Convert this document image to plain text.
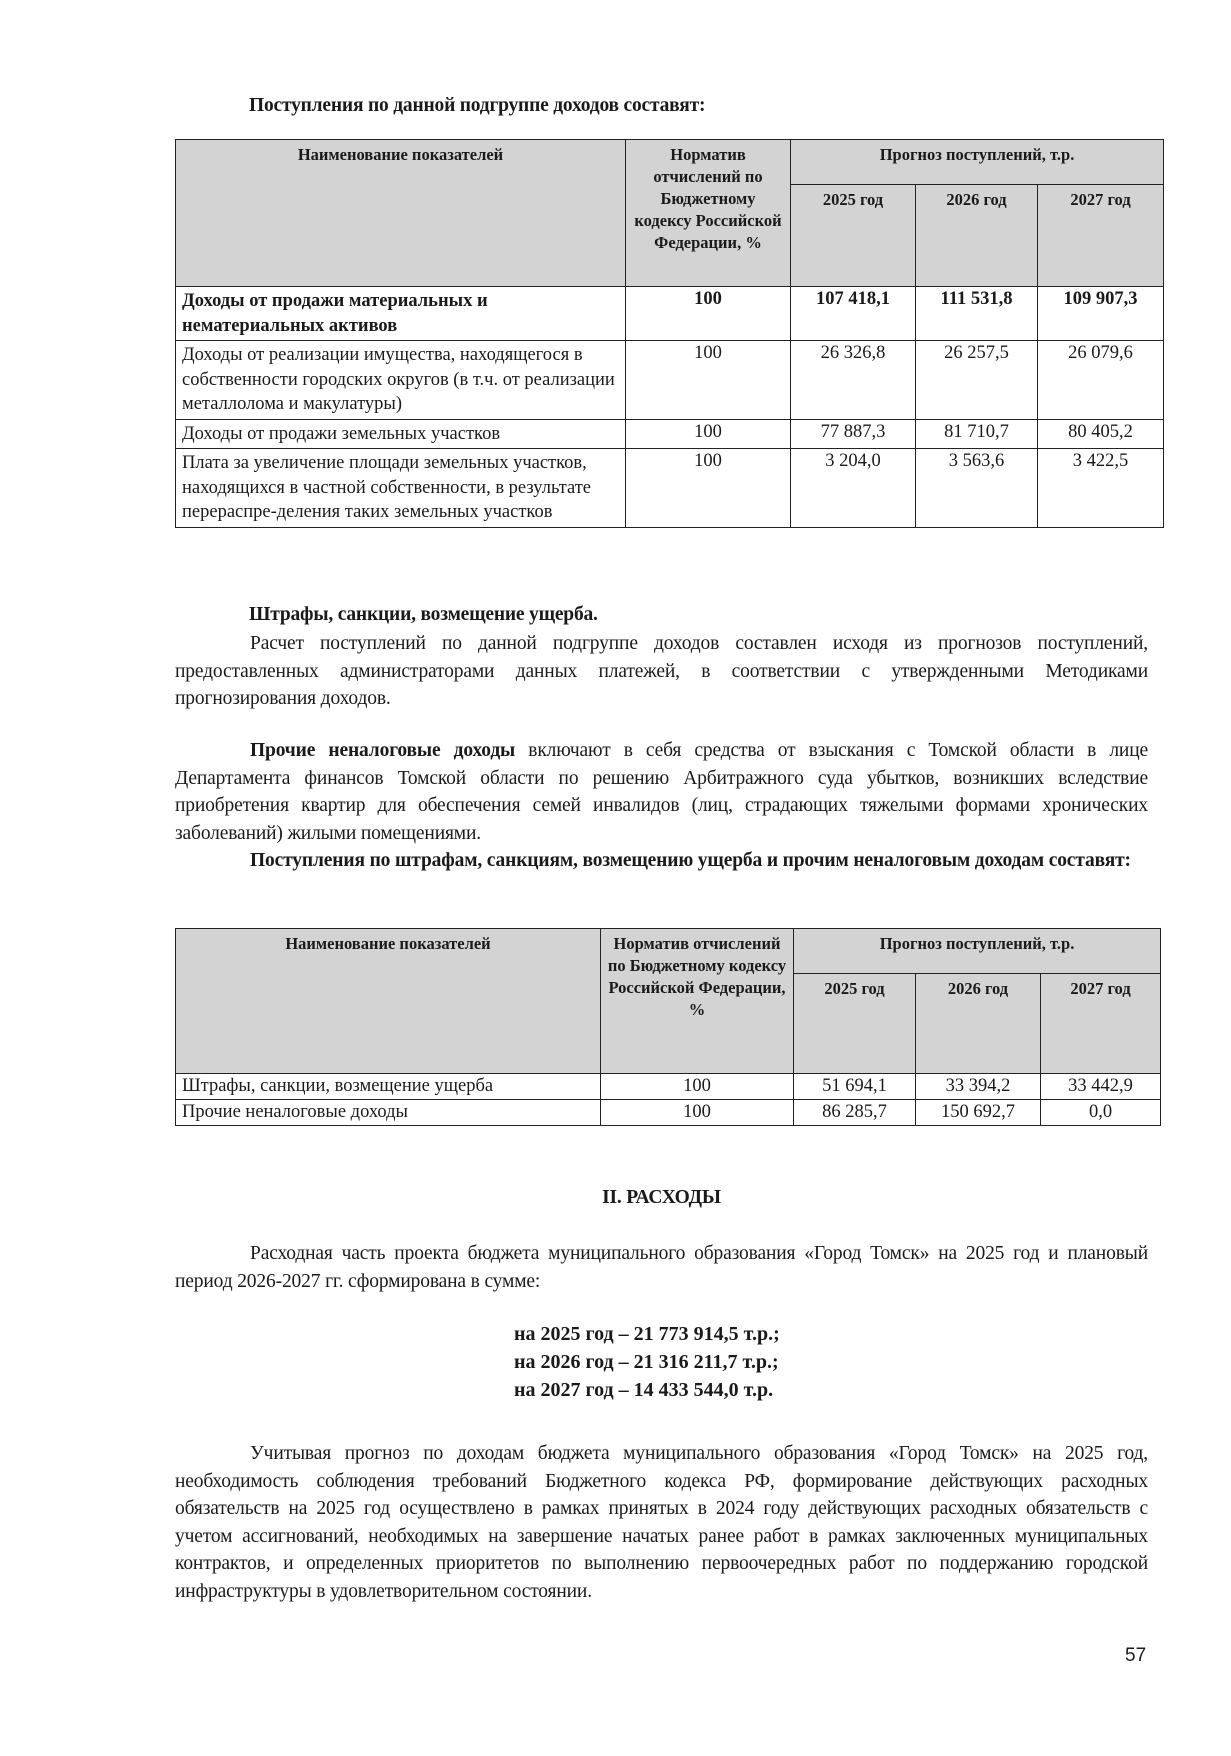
Поступления по данной подгруппе доходов составят:
Наименование показателей	Норматив отчислений по Бюджетному кодексу Российской Федерации, %	Прогноз поступлений, т.р.		
		2025 год	2026 год	2027 год
Доходы от продажи материальных и нематериальных активов	100	107 418,1	111 531,8	109 907,3
Доходы от реализации имущества, находящегося в собственности городских округов (в т.ч. от реализации металлолома и макулатуры)	100	26 326,8	26 257,5	26 079,6
Доходы от продажи земельных участков	100	77 887,3	81 710,7	80 405,2
Плата за увеличение площади земельных участков, находящихся в частной собственности, в результате перераспре-деления таких земельных участков	100	3 204,0	3 563,6	3 422,5
Штрафы, санкции, возмещение ущерба.
Расчет поступлений по данной подгруппе доходов составлен исходя из прогнозов поступлений, предоставленных администраторами данных платежей, в соответствии с утвержденными Методиками прогнозирования доходов.
Прочие неналоговые доходы включают в себя средства от взыскания с Томской области в лице Департамента финансов Томской области по решению Арбитражного суда убытков, возникших вследствие приобретения квартир для обеспечения семей инвалидов (лиц, страдающих тяжелыми формами хронических заболеваний) жилыми помещениями.
Поступления по штрафам, санкциям, возмещению ущерба и прочим неналоговым доходам составят:
Наименование показателей	Норматив отчислений по Бюджетному кодексу Российской Федерации, %	Прогноз поступлений, т.р.		
		2025 год	2026 год	2027 год
Штрафы, санкции, возмещение ущерба	100	51 694,1	33 394,2	33 442,9
Прочие неналоговые доходы	100	86 285,7	150 692,7	0,0
II. РАСХОДЫ
Расходная часть проекта бюджета муниципального образования «Город Томск» на 2025 год и плановый период 2026-2027 гг. сформирована в сумме:
на 2025 год – 21 773 914,5 т.р.;
на 2026 год – 21 316 211,7 т.р.;
на 2027 год – 14 433 544,0 т.р.
Учитывая прогноз по доходам бюджета муниципального образования «Город Томск» на 2025 год, необходимость соблюдения требований Бюджетного кодекса РФ, формирование действующих расходных обязательств на 2025 год осуществлено в рамках принятых в 2024 году действующих расходных обязательств с учетом ассигнований, необходимых на завершение начатых ранее работ в рамках заключенных муниципальных контрактов, и определенных приоритетов по выполнению первоочередных работ по поддержанию городской инфраструктуры в удовлетворительном состоянии.
57
